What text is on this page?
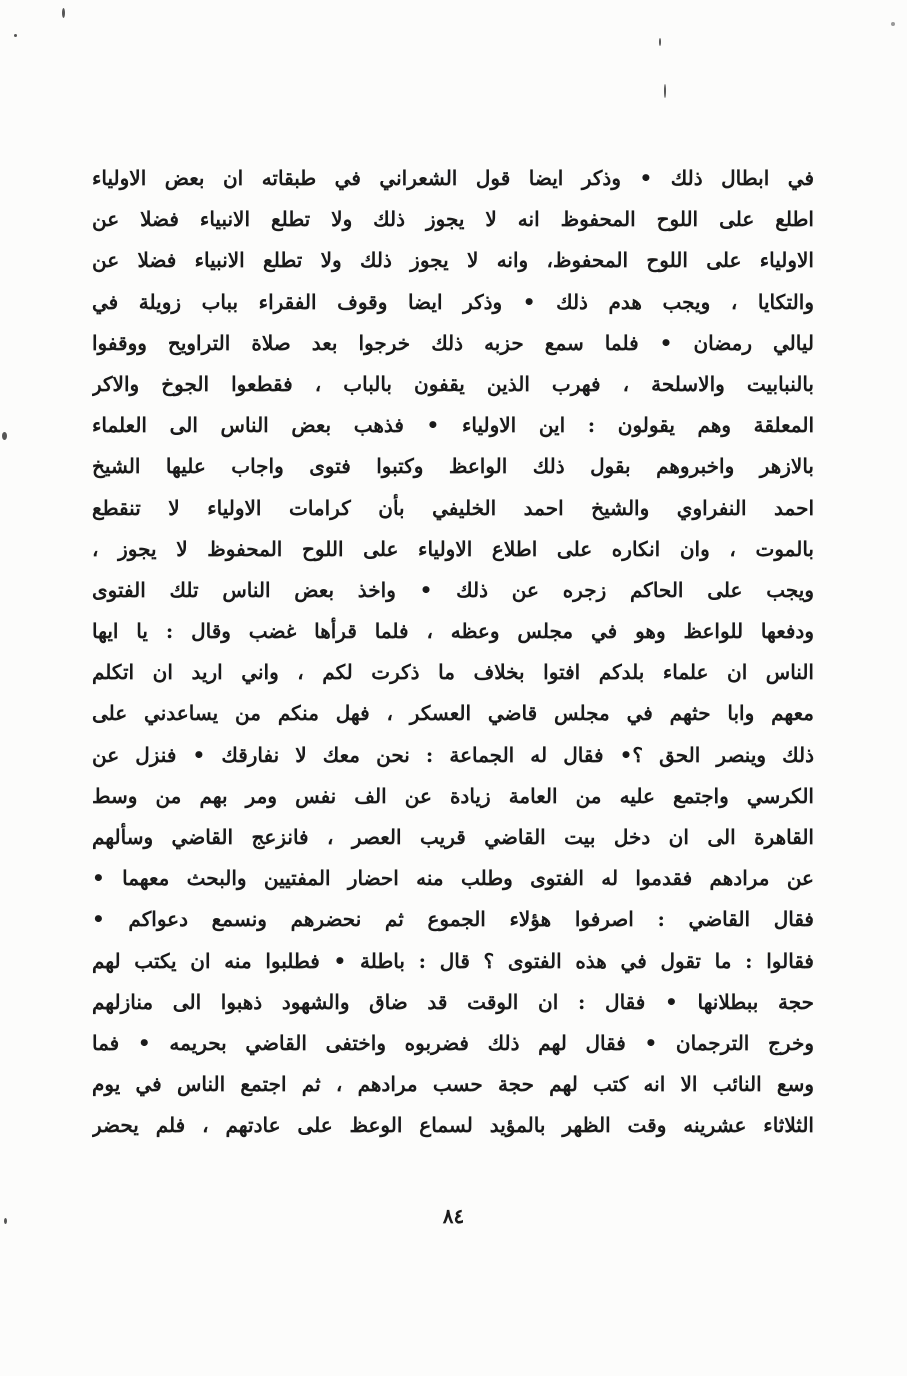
في ابطال ذلك • وذكر ايضا قول الشعراني في طبقاته ان بعض الاولياء
اطلع على اللوح المحفوظ انه لا يجوز ذلك ولا تطلع الانبياء فضلا عن
الاولياء على اللوح المحفوظ، وانه لا يجوز ذلك ولا تطلع الانبياء فضلا عن
والتكايا ، ويجب هدم ذلك • وذكر ايضا وقوف الفقراء بباب زويلة في
ليالي رمضان • فلما سمع حزبه ذلك خرجوا بعد صلاة التراويح ووقفوا
بالنبابيت والاسلحة ، فهرب الذين يقفون بالباب ، فقطعوا الجوخ والاكر
المعلقة وهم يقولون : اين الاولياء • فذهب بعض الناس الى العلماء
بالازهر واخبروهم بقول ذلك الواعظ وكتبوا فتوى واجاب عليها الشيخ
احمد النفراوي والشيخ احمد الخليفي بأن كرامات الاولياء لا تنقطع
بالموت ، وان انكاره على اطلاع الاولياء على اللوح المحفوظ لا يجوز ،
ويجب على الحاكم زجره عن ذلك • واخذ بعض الناس تلك الفتوى
ودفعها للواعظ وهو في مجلس وعظه ، فلما قرأها غضب وقال : يا ايها
الناس ان علماء بلدكم افتوا بخلاف ما ذكرت لكم ، واني اريد ان اتكلم
معهم وابا حثهم في مجلس قاضي العسكر ، فهل منكم من يساعدني على
ذلك وينصر الحق ؟• فقال له الجماعة : نحن معك لا نفارقك • فنزل عن
الكرسي واجتمع عليه من العامة زيادة عن الف نفس ومر بهم من وسط
القاهرة الى ان دخل بيت القاضي قريب العصر ، فانزعج القاضي وسألهم
عن مرادهم فقدموا له الفتوى وطلب منه احضار المفتيين والبحث معهما •
فقال القاضي : اصرفوا هؤلاء الجموع ثم نحضرهم ونسمع دعواكم •
فقالوا : ما تقول في هذه الفتوى ؟ قال : باطلة • فطلبوا منه ان يكتب لهم
حجة ببطلانها • فقال : ان الوقت قد ضاق والشهود ذهبوا الى منازلهم
وخرج الترجمان • فقال لهم ذلك فضربوه واختفى القاضي بحريمه • فما
وسع النائب الا انه كتب لهم حجة حسب مرادهم ، ثم اجتمع الناس في يوم
الثلاثاء عشرينه وقت الظهر بالمؤيد لسماع الوعظ على عادتهم ، فلم يحضر
٨٤
